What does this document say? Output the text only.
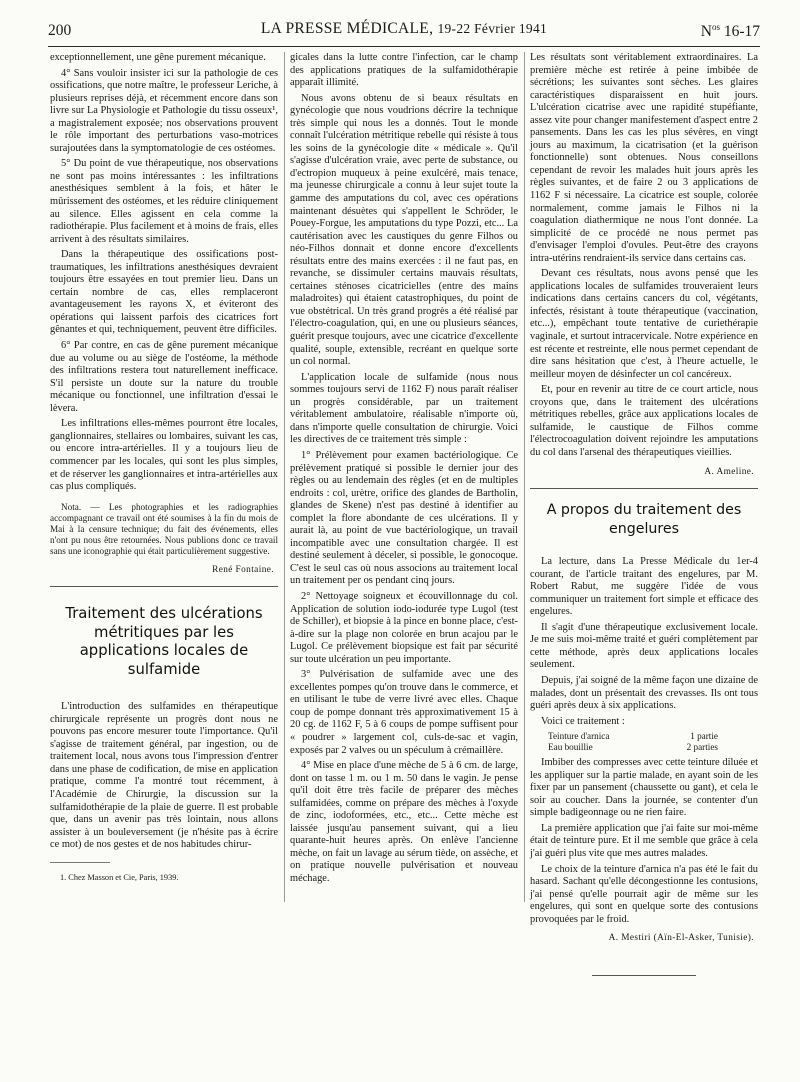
200	LA PRESSE MÉDICALE, 19-22 Février 1941	$N^{os}$ 16-17

exceptionnellement, une gêne purement mécanique.

4° Sans vouloir insister ici sur la pathologie de ces ossifications, que notre maître, le professeur Leriche, à plusieurs reprises déjà, et récemment encore dans son livre sur La Physiologie et Pathologie du tissu osseux¹, a magistralement exposée; nos observations prouvent le rôle important des perturbations vaso-motrices surajoutées dans la symptomatologie de ces ostéomes.

5° Du point de vue thérapeutique, nos observations ne sont pas moins intéressantes : les infiltrations anesthésiques semblent à la fois, et hâter le mûrissement des ostéomes, et les réduire cliniquement au silence. Elles agissent en cela comme la radiothérapie. Plus facilement et à moins de frais, elles arrivent à des résultats similaires.

Dans la thérapeutique des ossifications post-traumatiques, les infiltrations anesthésiques devraient toujours être essayées en tout premier lieu. Dans un certain nombre de cas, elles remplaceront avantageusement les rayons X, et éviteront des opérations qui laissent parfois des cicatrices fort gênantes et qui, techniquement, peuvent être difficiles.

6° Par contre, en cas de gêne purement mécanique due au volume ou au siège de l'ostéome, la méthode des infiltrations restera tout naturellement inefficace. S'il persiste un doute sur la nature du trouble mécanique ou fonctionnel, une infiltration d'essai le lèvera.

Les infiltrations elles-mêmes pourront être locales, ganglionnaires, stellaires ou lombaires, suivant les cas, ou encore intra-artérielles. Il y a toujours lieu de commencer par les locales, qui sont les plus simples, et de réserver les ganglionnaires et intra-artérielles aux cas plus compliqués.

Nota. — Les photographies et les radiographies accompagnant ce travail ont été soumises à la fin du mois de Mai à la censure technique; du fait des événements, elles n'ont pu nous être retournées. Nous publions donc ce travail sans une iconographie qui était particulièrement suggestive.

René Fontaine.
Traitement des ulcérations métritiques par les applications locales de sulfamide

L'introduction des sulfamides en thérapeutique chirurgicale représente un progrès dont nous ne pouvons pas encore mesurer toute l'importance. Qu'il s'agisse de traitement général, par ingestion, ou de traitement local, nous avons tous l'impression d'entrer dans une phase de codification, de mise en application pratique, comme l'a montré tout récemment, à l'Académie de Chirurgie, la discussion sur la sulfamidothérapie de la plaie de guerre. Il est probable que, dans un avenir pas très lointain, nous allons assister à un bouleversement (je n'hésite pas à écrire ce mot) de nos gestes et de nos habitudes chirur-

1. Chez Masson et Cie, Paris, 1939.

gicales dans la lutte contre l'infection, car le champ des applications pratiques de la sulfamidothérapie apparaît illimité.

Nous avons obtenu de si beaux résultats en gynécologie que nous voudrions décrire la technique très simple qui nous les a donnés. Tout le monde connaît l'ulcération métritique rebelle qui résiste à tous les soins de la gynécologie dite « médicale ». Qu'il s'agisse d'ulcération vraie, avec perte de substance, ou d'ectropion muqueux à peine exulcéré, mais tenace, ma jeunesse chirurgicale a connu à leur sujet toute la gamme des amputations du col, avec ces opérations maintenant désuètes qui s'appellent le Schröder, le Pouey-Forgue, les amputations du type Pozzi, etc... La cautérisation avec les caustiques du genre Filhos ou néo-Filhos donnait et donne encore d'excellents résultats entre des mains exercées : il ne faut pas, en revanche, se dissimuler certains mauvais résultats, certaines sténoses cicatricielles (entre des mains maladroites) qui étaient catastrophiques, du point de vue obstétrical. Un très grand progrès a été réalisé par l'électro-coagulation, qui, en une ou plusieurs séances, guérit presque toujours, avec une cicatrice d'excellente qualité, souple, extensible, recréant en quelque sorte un col normal.

L'application locale de sulfamide (nous nous sommes toujours servi de 1162 F) nous paraît réaliser un progrès considérable, par un traitement véritablement ambulatoire, réalisable n'importe où, dans n'importe quelle consultation de chirurgie. Voici les directives de ce traitement très simple :

1° Prélèvement pour examen bactériologique. Ce prélèvement pratiqué si possible le dernier jour des règles ou au lendemain des règles (et en de multiples endroits : col, urètre, orifice des glandes de Bartholin, glandes de Skene) n'est pas destiné à identifier au complet la flore abondante de ces ulcérations. Il y aurait là, au point de vue bactériologique, un travail incompatible avec une consultation chargée. Il est destiné seulement à déceler, si possible, le gonocoque. C'est le seul cas où nous associons au traitement local un traitement per os pendant cinq jours.

2° Nettoyage soigneux et écouvillonnage du col. Application de solution iodo-iodurée type Lugol (test de Schiller), et biopsie à la pince en bonne place, c'est-à-dire sur la plage non colorée en brun acajou par le Lugol. Ce prélèvement biopsique est fait par sécurité sur toute ulcération un peu importante.

3° Pulvérisation de sulfamide avec une des excellentes pompes qu'on trouve dans le commerce, et en utilisant le tube de verre livré avec elles. Chaque coup de pompe donnant très approximativement 15 à 20 cg. de 1162 F, 5 à 6 coups de pompe suffisent pour « poudrer » largement col, culs-de-sac et vagin, exposés par 2 valves ou un spéculum à crémaillère.

4° Mise en place d'une mèche de 5 à 6 cm. de large, dont on tasse 1 m. ou 1 m. 50 dans le vagin. Je pense qu'il doit être très facile de préparer des mèches sulfamidées, comme on prépare des mèches à l'oxyde de zinc, iodoformées, etc., etc... Cette mèche est laissée jusqu'au pansement suivant, qui a lieu quarante-huit heures après. On enlève l'ancienne mèche, on fait un lavage au sérum tiède, on assèche, et on pratique nouvelle pulvérisation et nouveau méchage.

Les résultats sont véritablement extraordinaires. La première mèche est retirée à peine imbibée de sécrétions; les suivantes sont sèches. Les glaires caractéristiques disparaissent en huit jours. L'ulcération cicatrise avec une rapidité stupéfiante, assez vite pour changer manifestement d'aspect entre 2 pansements. Dans les cas les plus sévères, en vingt jours au maximum, la cicatrisation (et la guérison fonctionnelle) sont obtenues. Nous conseillons cependant de revoir les malades huit jours après les règles suivantes, et de faire 2 ou 3 applications de 1162 F si nécessaire. La cicatrice est souple, colorée normalement, comme jamais le Filhos ni la coagulation diathermique ne nous l'ont donnée. La simplicité de ce procédé ne nous permet pas d'envisager l'emploi d'ovules. Peut-être des crayons intra-utérins rendraient-ils service dans certains cas.

Devant ces résultats, nous avons pensé que les applications locales de sulfamides trouveraient leurs indications dans certains cancers du col, végétants, infectés, résistant à toute thérapeutique (vaccination, etc...), empêchant toute tentative de curiethérapie vaginale, et surtout intracervicale. Notre expérience en est récente et restreinte, elle nous permet cependant de dire sans hésitation que c'est, à l'heure actuelle, le meilleur moyen de désinfecter un col cancéreux.

Et, pour en revenir au titre de ce court article, nous croyons que, dans le traitement des ulcérations métritiques rebelles, grâce aux applications locales de sulfamide, le caustique de Filhos comme l'électrocoagulation doivent rejoindre les amputations du col dans l'arsenal des thérapeutiques vieillies.

A. Ameline.
A propos du traitement des engelures

La lecture, dans La Presse Médicale du 1er-4 courant, de l'article traitant des engelures, par M. Robert Rabut, me suggère l'idée de vous communiquer un traitement fort simple et efficace des engelures.

Il s'agit d'une thérapeutique exclusivement locale. Je me suis moi-même traité et guéri complètement par cette méthode, après deux applications locales seulement.

Depuis, j'ai soigné de la même façon une dizaine de malades, dont un présentait des crevasses. Ils ont tous guéri après deux à six applications.

Voici ce traitement :

Teinture d'arnica	1 partie
Eau bouillie	2 parties

Imbiber des compresses avec cette teinture diluée et les appliquer sur la partie malade, en ayant soin de les fixer par un pansement (chaussette ou gant), et cela le soir au coucher. Dans la journée, se contenter d'un simple badigeonnage ou ne rien faire.

La première application que j'ai faite sur moi-même était de teinture pure. Et il me semble que grâce à cela j'ai guéri plus vite que mes autres malades.

Le choix de la teinture d'arnica n'a pas été le fait du hasard. Sachant qu'elle décongestionne les contusions, j'ai pensé qu'elle pourrait agir de même sur les engelures, qui sont en quelque sorte des contusions provoquées par le froid.

A. Mestiri (Aïn-El-Asker, Tunisie).
